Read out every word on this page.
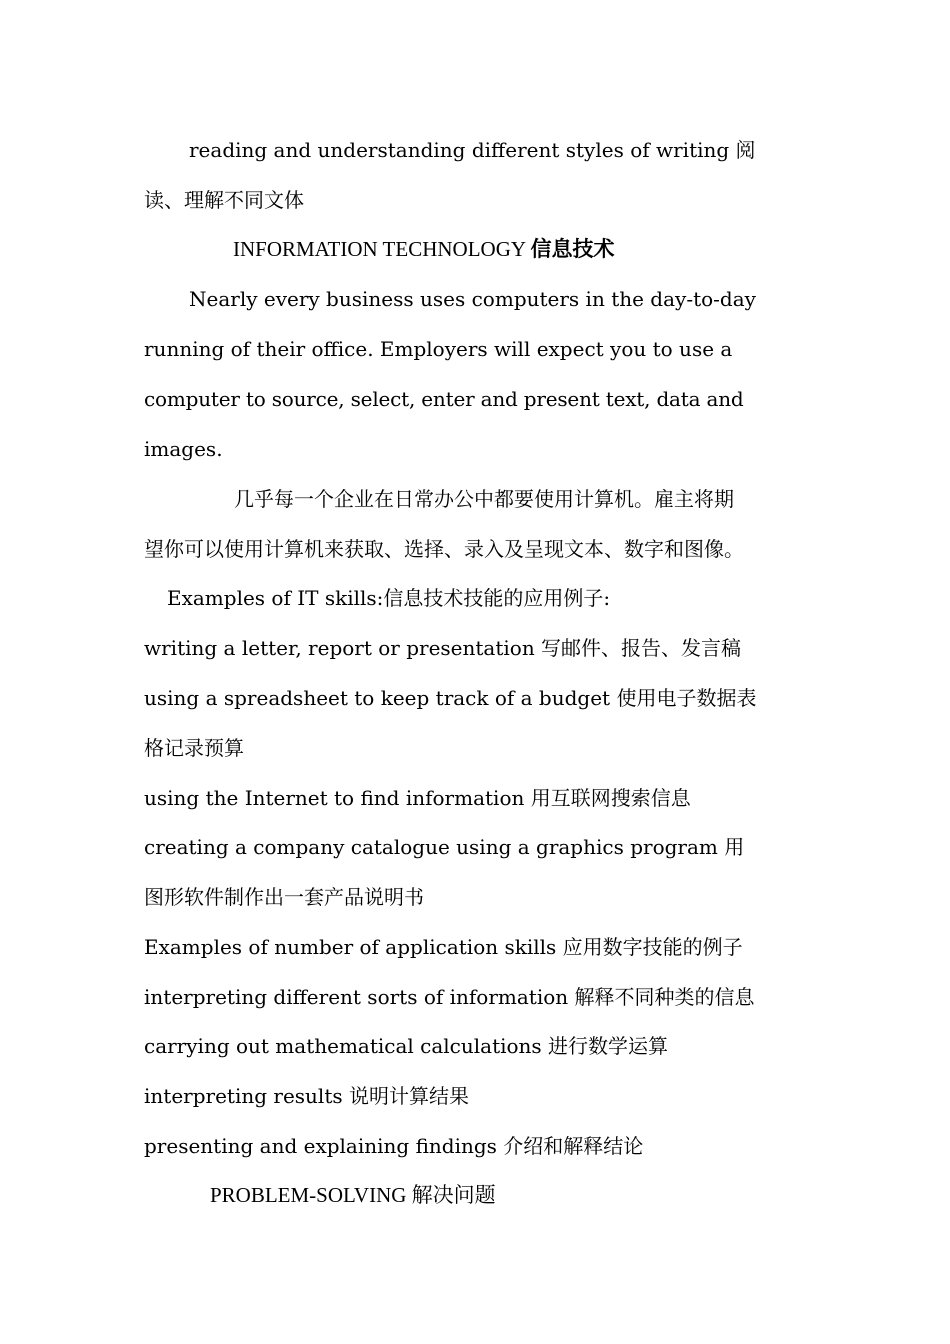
reading and understanding different styles of writing 阅
读、理解不同文体
INFORMATION TECHNOLOGY 信息技术
Nearly every business uses computers in the day-to-day
running of their office. Employers will expect you to use a
computer to source, select, enter and present text, data and
images.
几乎每一个企业在日常办公中都要使用计算机。雇主将期
望你可以使用计算机来获取、选择、录入及呈现文本、数字和图像。
Examples of IT skills:信息技术技能的应用例子:
writing a letter, report or presentation 写邮件、报告、发言稿
using a spreadsheet to keep track of a budget 使用电子数据表
格记录预算
using the Internet to find information 用互联网搜索信息
creating a company catalogue using a graphics program 用
图形软件制作出一套产品说明书
Examples of number of application skills 应用数字技能的例子
interpreting different sorts of information 解释不同种类的信息
carrying out mathematical calculations 进行数学运算
interpreting results 说明计算结果
presenting and explaining findings 介绍和解释结论
PROBLEM-SOLVING 解决问题
